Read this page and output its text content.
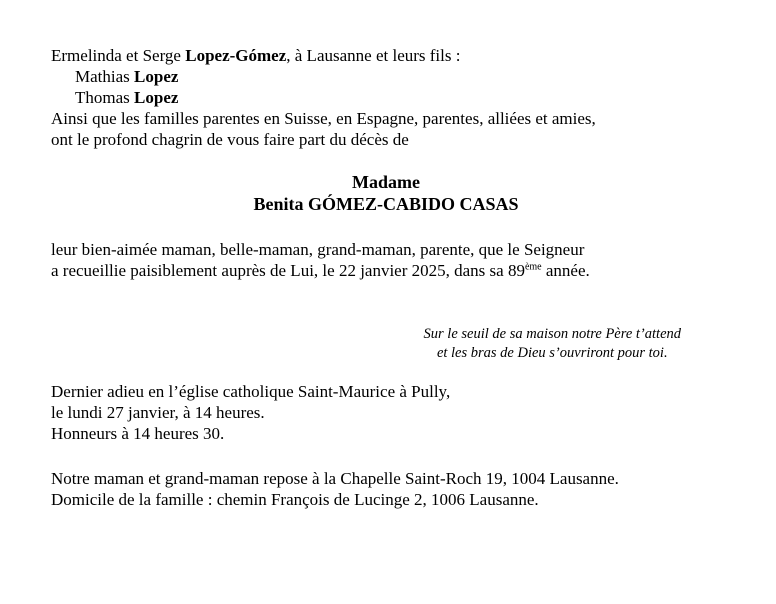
Ermelinda et Serge Lopez-Gómez, à Lausanne et leurs fils :
Mathias Lopez
Thomas Lopez
Ainsi que les familles parentes en Suisse, en Espagne, parentes, alliées et amies,
ont le profond chagrin de vous faire part du décès de
Madame
Benita GÓMEZ-CABIDO CASAS
leur bien-aimée maman, belle-maman, grand-maman, parente, que le Seigneur
a recueillie paisiblement auprès de Lui, le 22 janvier 2025, dans sa 89ème année.
Sur le seuil de sa maison notre Père t’attend
et les bras de Dieu s’ouvriront pour toi.
Dernier adieu en l’église catholique Saint-Maurice à Pully,
le lundi 27 janvier, à 14 heures.
Honneurs à 14 heures 30.
Notre maman et grand-maman repose à la Chapelle Saint-Roch 19, 1004 Lausanne.
Domicile de la famille : chemin François de Lucinge 2, 1006 Lausanne.
